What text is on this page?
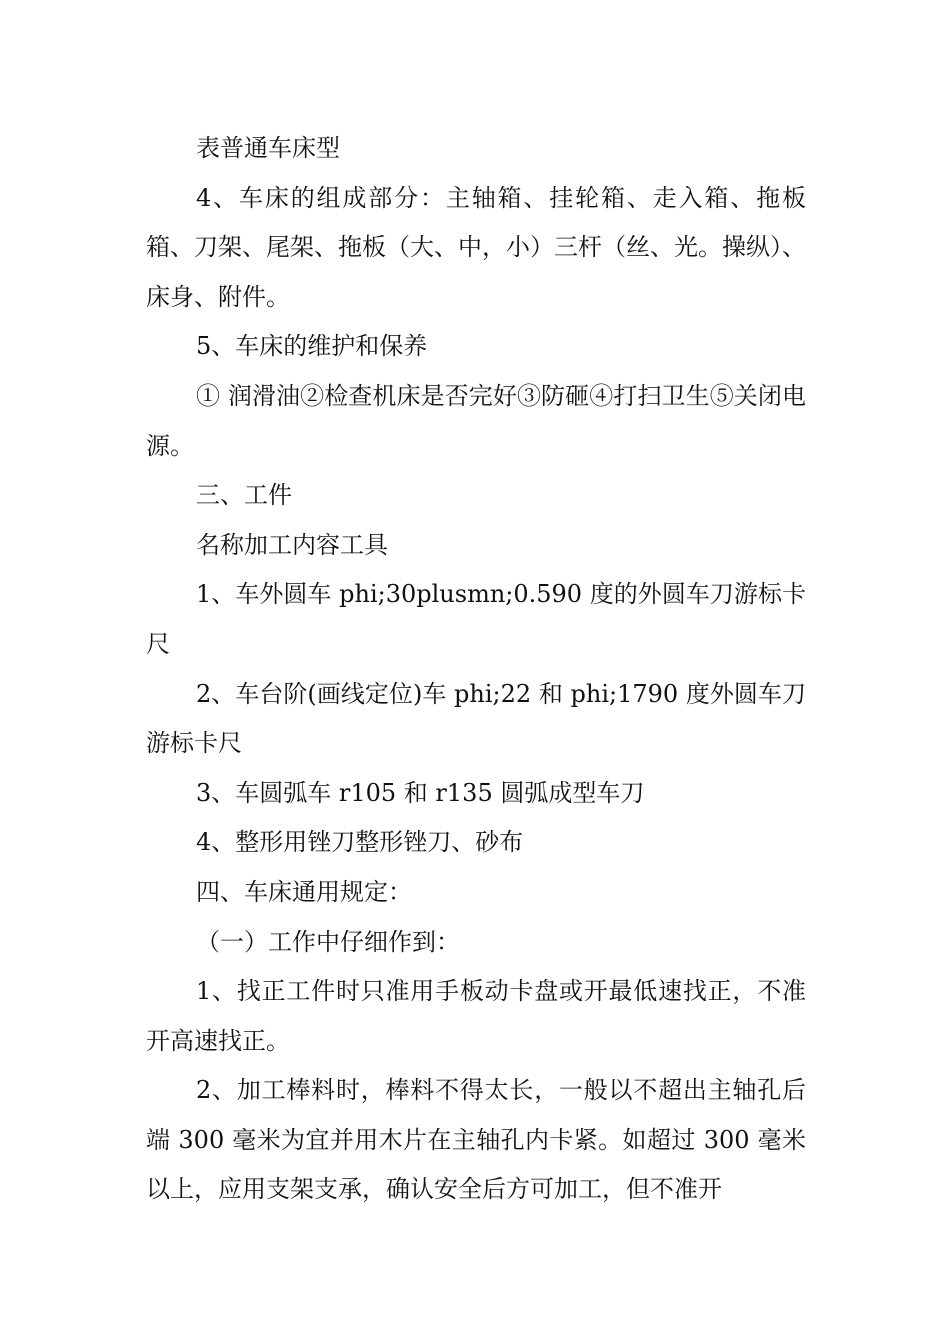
表普通车床型

4、车床的组成部分：主轴箱、挂轮箱、走入箱、拖板箱、刀架、尾架、拖板（大、中，小）三杆（丝、光。操纵）、床身、附件。

5、车床的维护和保养

① 润滑油②检查机床是否完好③防砸④打扫卫生⑤关闭电源。

三、工件

名称加工内容工具

1、车外圆车 phi;30plusmn;0.590 度的外圆车刀游标卡尺

2、车台阶(画线定位)车 phi;22 和 phi;1790 度外圆车刀游标卡尺

3、车圆弧车 r105 和 r135 圆弧成型车刀

4、整形用锉刀整形锉刀、砂布

四、车床通用规定：

（一）工作中仔细作到：

1、找正工件时只准用手板动卡盘或开最低速找正，不准开高速找正。

2、加工棒料时，棒料不得太长，一般以不超出主轴孔后端 300 毫米为宜并用木片在主轴孔内卡紧。如超过 300 毫米以上，应用支架支承，确认安全后方可加工，但不准开
